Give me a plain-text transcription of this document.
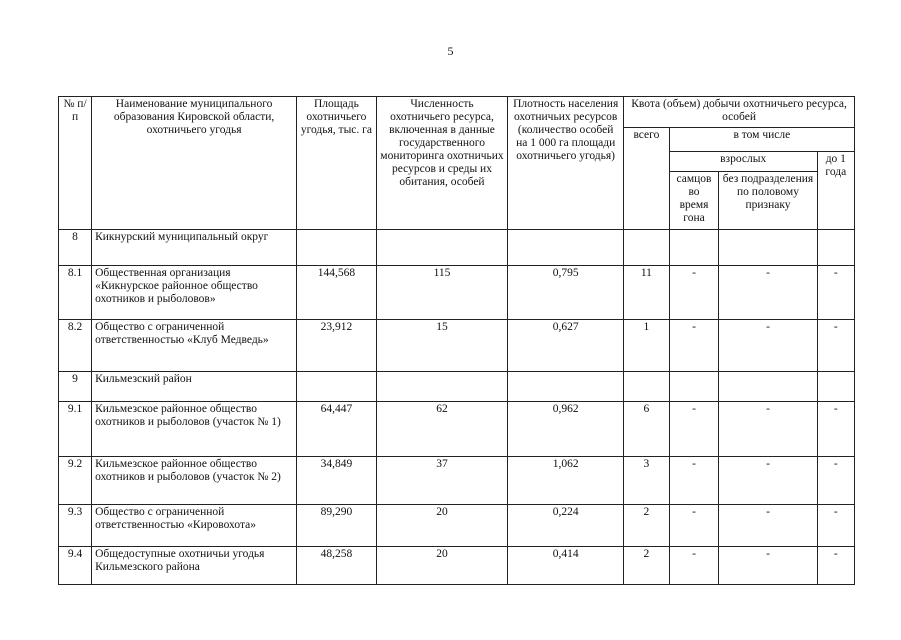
5
№ п/п	Наименование муниципального образования Кировской области, охотничьего угодья	Площадь охотничьего угодья, тыс. га	Численность охотничьего ресурса, включенная в данные государственного мониторинга охотничьих ресурсов и среды их обитания, особей	Плотность населения охотничьих ресурсов (количество особей на 1 000 га площади охотничьего угодья)	Квота (объем) добычи охотничьего ресурса, особей			
					всего	в том числе		
						взрослых		до 1 года
						самцов во время гона	без подразделения по половому признаку	
8	Кикнурский муниципальный округ							
8.1	Общественная организация «Кикнурское районное общество охотников и рыболовов»	144,568	115	0,795	11	-	-	-
8.2	Общество с ограниченной ответственностью «Клуб Медведь»	23,912	15	0,627	1	-	-	-
9	Кильмезский район							
9.1	Кильмезское районное общество охотников и рыболовов (участок № 1)	64,447	62	0,962	6	-	-	-
9.2	Кильмезское районное общество охотников и рыболовов (участок № 2)	34,849	37	1,062	3	-	-	-
9.3	Общество с ограниченной ответственностью «Кировохота»	89,290	20	0,224	2	-	-	-
9.4	Общедоступные охотничьи угодья Кильмезского района	48,258	20	0,414	2	-	-	-
